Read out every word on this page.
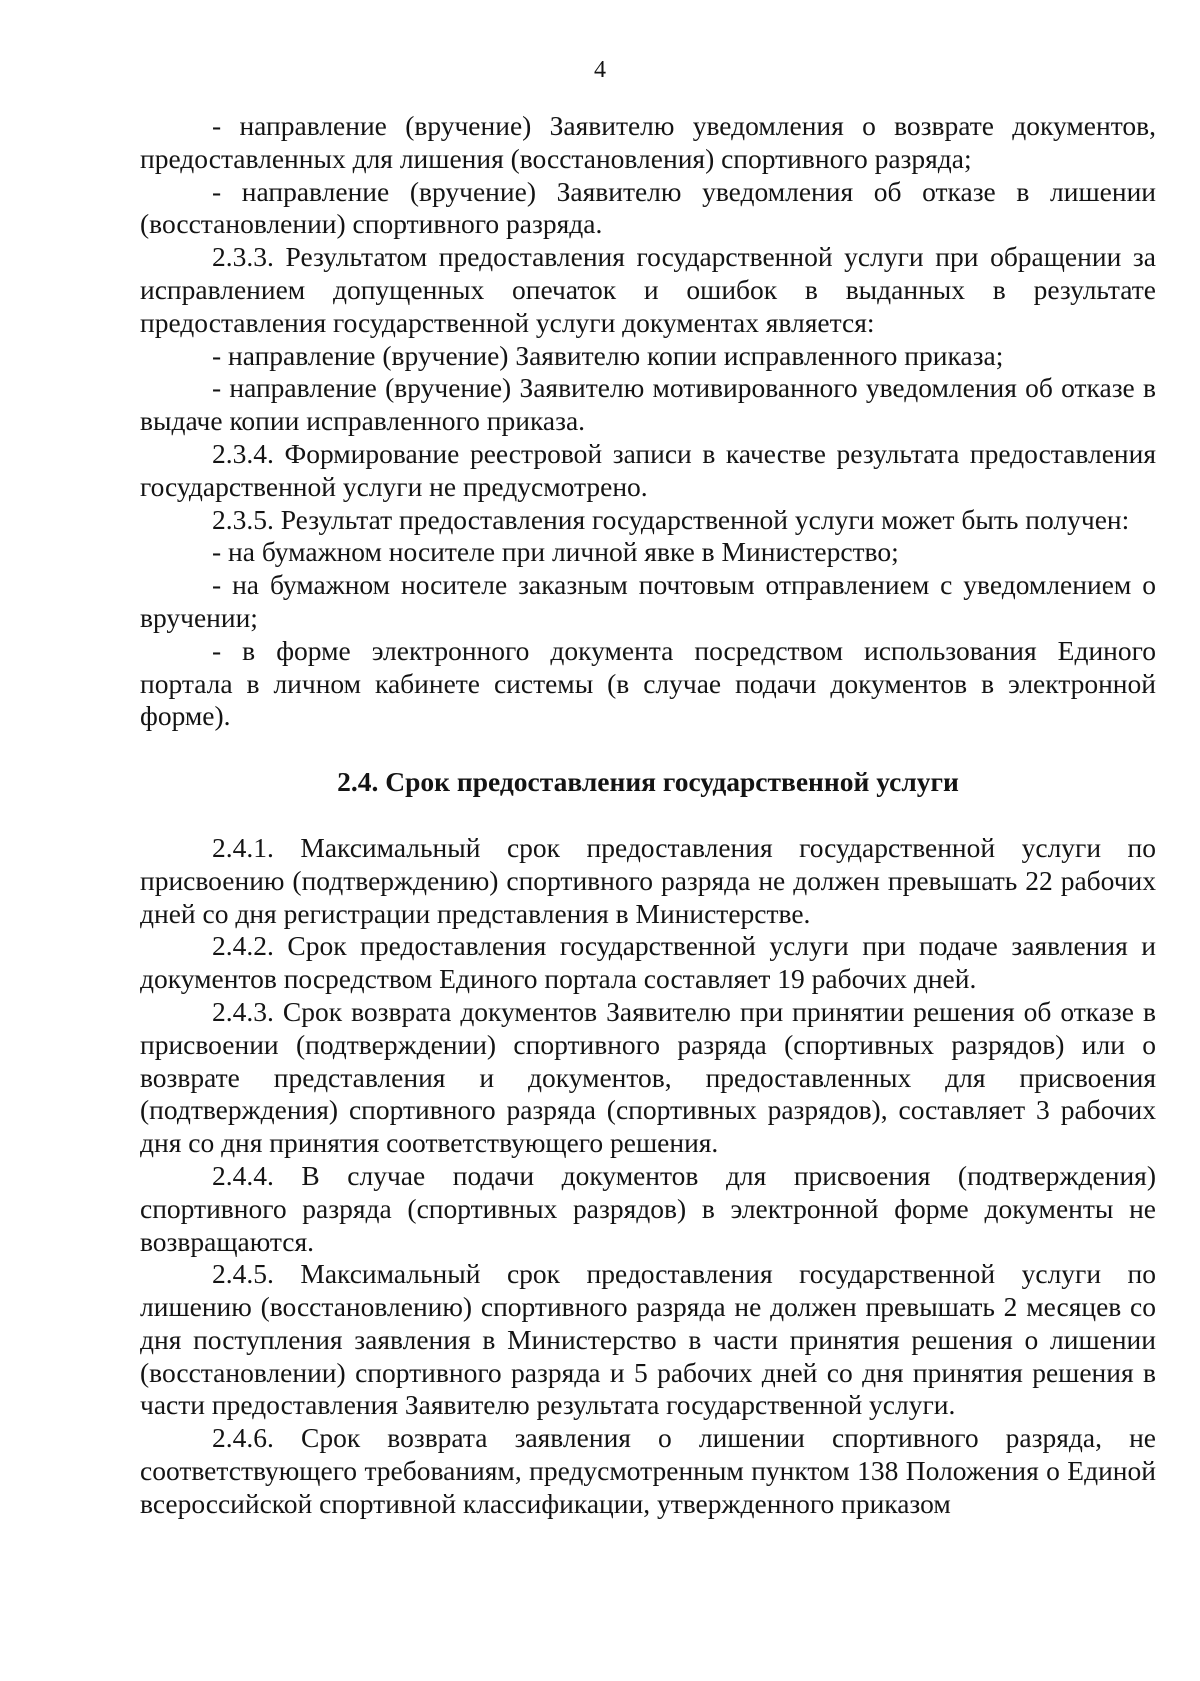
4

- направление (вручение) Заявителю уведомления о возврате документов, предоставленных для лишения (восстановления) спортивного разряда;

- направление (вручение) Заявителю уведомления об отказе в лишении (восстановлении) спортивного разряда.

2.3.3. Результатом предоставления государственной услуги при обращении за исправлением допущенных опечаток и ошибок в выданных в результате предоставления государственной услуги документах является:

- направление (вручение) Заявителю копии исправленного приказа;

- направление (вручение) Заявителю мотивированного уведомления об отказе в выдаче копии исправленного приказа.

2.3.4. Формирование реестровой записи в качестве результата предоставления государственной услуги не предусмотрено.

2.3.5. Результат предоставления государственной услуги может быть получен:

- на бумажном носителе при личной явке в Министерство;

- на бумажном носителе заказным почтовым отправлением с уведомлением о вручении;

- в форме электронного документа посредством использования Единого портала в личном кабинете системы (в случае подачи документов в электронной форме).

2.4. Срок предоставления государственной услуги

2.4.1. Максимальный срок предоставления государственной услуги по присвоению (подтверждению) спортивного разряда не должен превышать 22 рабочих дней со дня регистрации представления в Министерстве.

2.4.2. Срок предоставления государственной услуги при подаче заявления и документов посредством Единого портала составляет 19 рабочих дней.

2.4.3. Срок возврата документов Заявителю при принятии решения об отказе в присвоении (подтверждении) спортивного разряда (спортивных разрядов) или о возврате представления и документов, предоставленных для присвоения (подтверждения) спортивного разряда (спортивных разрядов), составляет 3 рабочих дня со дня принятия соответствующего решения.

2.4.4. В случае подачи документов для присвоения (подтверждения) спортивного разряда (спортивных разрядов) в электронной форме документы не возвращаются.

2.4.5. Максимальный срок предоставления государственной услуги по лишению (восстановлению) спортивного разряда не должен превышать 2 месяцев со дня поступления заявления в Министерство в части принятия решения о лишении (восстановлении) спортивного разряда и 5 рабочих дней со дня принятия решения в части предоставления Заявителю результата государственной услуги.

2.4.6. Срок возврата заявления о лишении спортивного разряда, не соответствующего требованиям, предусмотренным пунктом 138 Положения о Единой всероссийской спортивной классификации, утвержденного приказом
